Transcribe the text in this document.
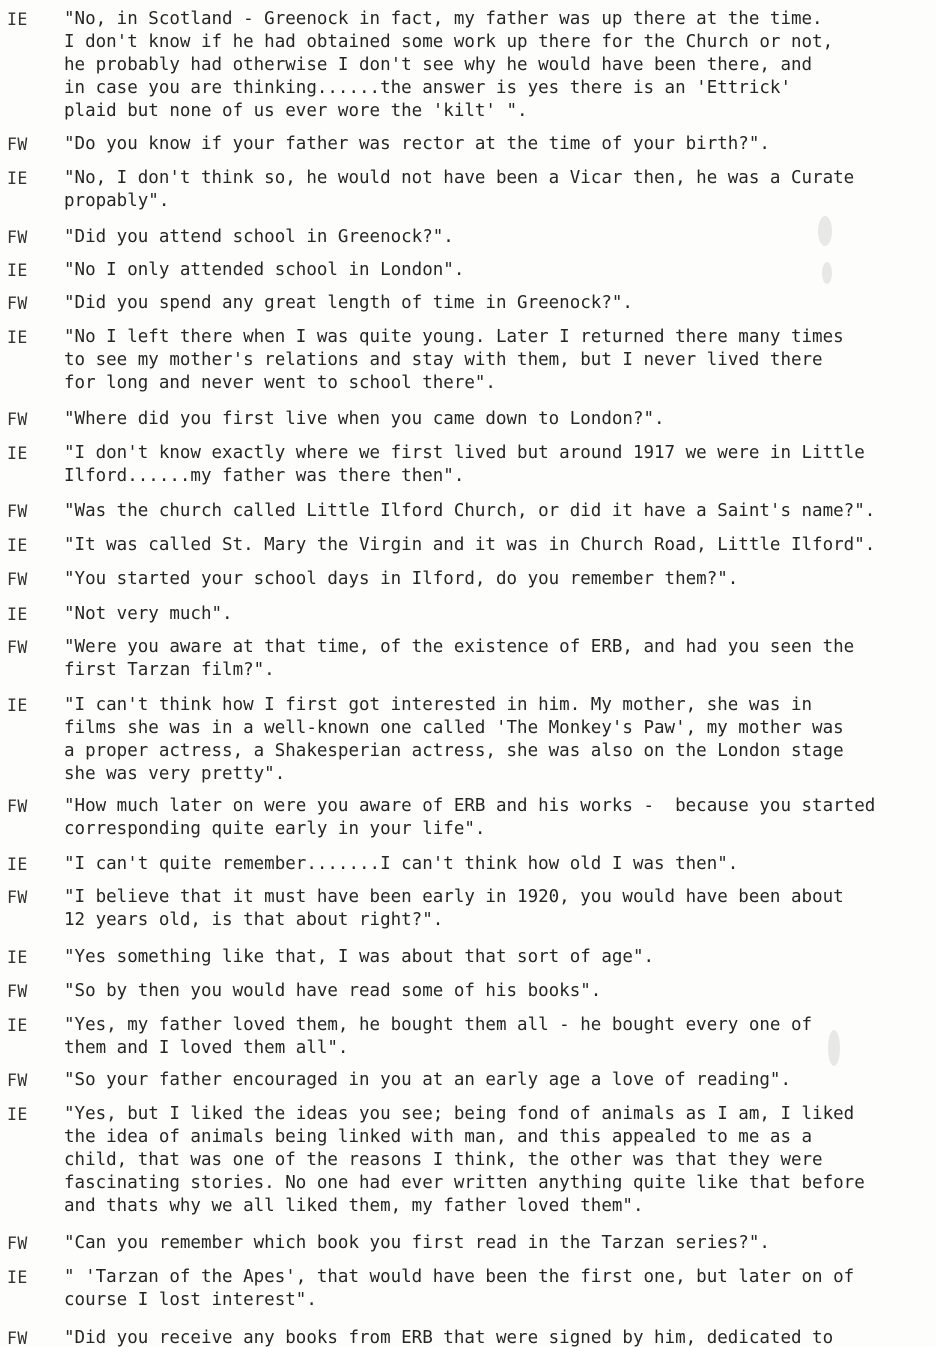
IE	"No, in Scotland - Greenock in fact, my father was up there at the time.
I don't know if he had obtained some work up there for the Church or not,
he probably had otherwise I don't see why he would have been there, and
in case you are thinking......the answer is yes there is an 'Ettrick'
plaid but none of us ever wore the 'kilt' ".
FW	"Do you know if your father was rector at the time of your birth?".
IE	"No, I don't think so, he would not have been a Vicar then, he was a Curate
propably".
FW	"Did you attend school in Greenock?".
IE	"No I only attended school in London".
FW	"Did you spend any great length of time in Greenock?".
IE	"No I left there when I was quite young. Later I returned there many times
to see my mother's relations and stay with them, but I never lived there
for long and never went to school there".
FW	"Where did you first live when you came down to London?".
IE	"I don't know exactly where we first lived but around 1917 we were in Little
Ilford......my father was there then".
FW	"Was the church called Little Ilford Church, or did it have a Saint's name?".
IE	"It was called St. Mary the Virgin and it was in Church Road, Little Ilford".
FW	"You started your school days in Ilford, do you remember them?".
IE	"Not very much".
FW	"Were you aware at that time, of the existence of ERB, and had you seen the
first Tarzan film?".
IE	"I can't think how I first got interested in him. My mother, she was in
films she was in a well-known one called 'The Monkey's Paw', my mother was
a proper actress, a Shakesperian actress, she was also on the London stage
she was very pretty".
FW	"How much later on were you aware of ERB and his works -  because you started
corresponding quite early in your life".
IE	"I can't quite remember.......I can't think how old I was then".
FW	"I believe that it must have been early in 1920, you would have been about
12 years old, is that about right?".
IE	"Yes something like that, I was about that sort of age".
FW	"So by then you would have read some of his books".
IE	"Yes, my father loved them, he bought them all - he bought every one of
them and I loved them all".
FW	"So your father encouraged in you at an early age a love of reading".
IE	"Yes, but I liked the ideas you see; being fond of animals as I am, I liked
the idea of animals being linked with man, and this appealed to me as a
child, that was one of the reasons I think, the other was that they were
fascinating stories. No one had ever written anything quite like that before
and thats why we all liked them, my father loved them".
FW	"Can you remember which book you first read in the Tarzan series?".
IE	" 'Tarzan of the Apes', that would have been the first one, but later on of
course I lost interest".
FW	"Did you receive any books from ERB that were signed by him, dedicated to
